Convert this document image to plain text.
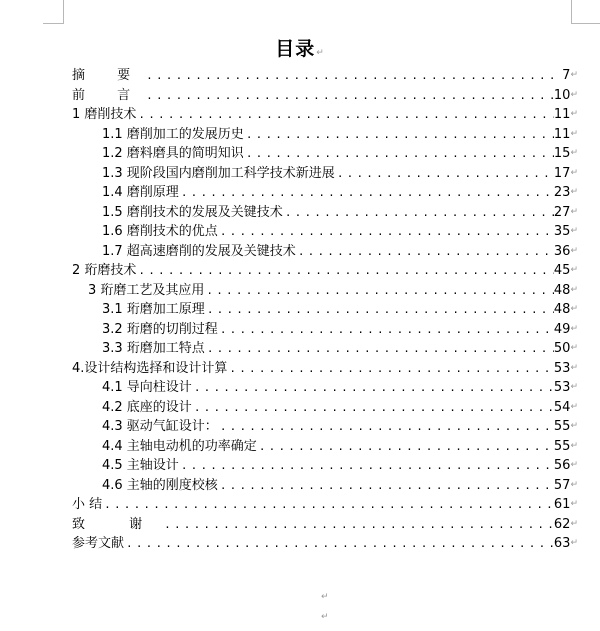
目录↵
摘 要 .....	7 ↵
前 言 .....	10 ↵
1 磨削技术 .....	11 ↵
1.1 磨削加工的发展历史 .....	11 ↵
1.2 磨料磨具的简明知识 .....	15 ↵
1.3 现阶段国内磨削加工科学技术新进展 .....	17 ↵
1.4 磨削原理 .....	23 ↵
1.5 磨削技术的发展及关键技术 .....	27 ↵
1.6 磨削技术的优点 .....	35 ↵
1.7 超高速磨削的发展及关键技术 .....	36 ↵
2 珩磨技术 .....	45 ↵
3 珩磨工艺及其应用 .....	48 ↵
3.1 珩磨加工原理 .....	48 ↵
3.2 珩磨的切削过程 .....	49 ↵
3.3 珩磨加工特点 .....	50 ↵
4.设计结构选择和设计计算 .....	53 ↵
4.1 导向柱设计 .....	53 ↵
4.2 底座的设计 .....	54 ↵
4.3 驱动气缸设计： .....	55 ↵
4.4 主轴电动机的功率确定 .....	55 ↵
4.5 主轴设计 .....	56 ↵
4.6 主轴的刚度校核 .....	57 ↵
小 结 .....	61 ↵
致 谢 .....	62 ↵
参考文献 .....	63 ↵
↵
↵
